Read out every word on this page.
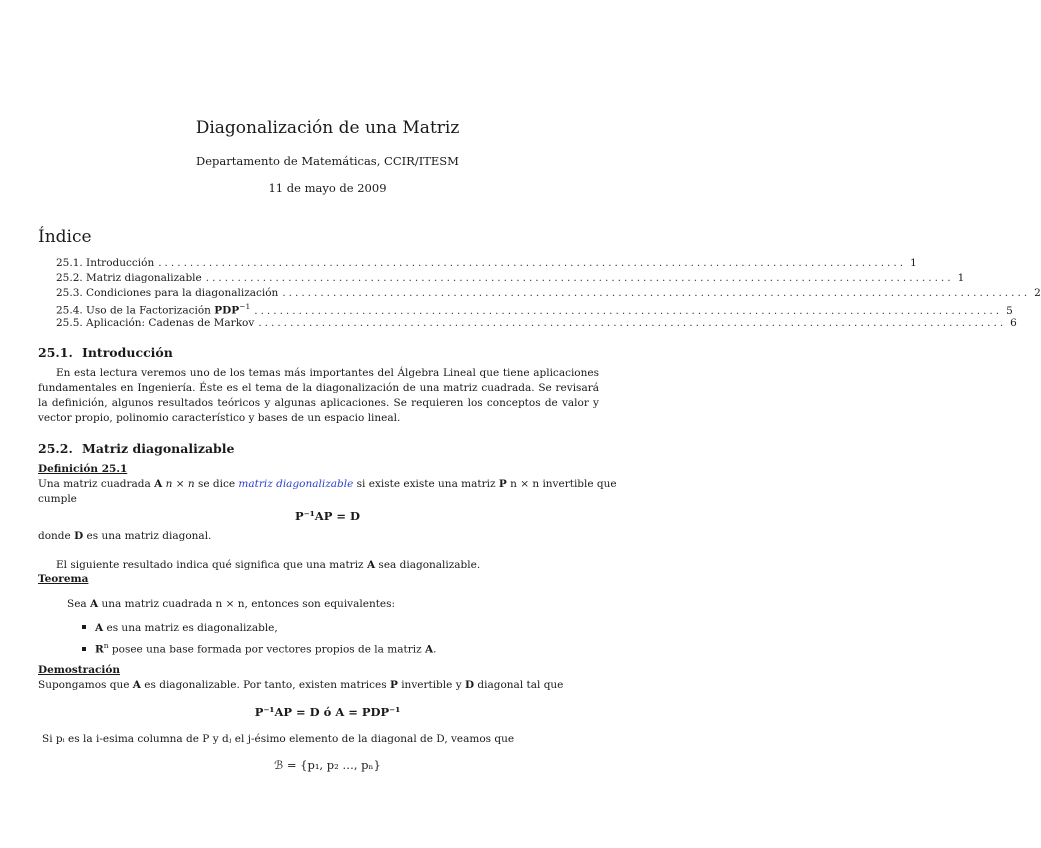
Diagonalización de una Matriz
Departamento de Matemáticas, CCIR/ITESM
11 de mayo de 2009
Índice
25.1. Introducción ...................................................................................................................... 1
25.2. Matriz diagonalizable ...................................................................................................................... 1
25.3. Condiciones para la diagonalización ...................................................................................................................... 2
25.4. Uso de la Factorización $PDP^{-1}$ ...................................................................................................................... 5
25.5. Aplicación: Cadenas de Markov ...................................................................................................................... 6
25.1. Introducción
En esta lectura veremos uno de los temas más importantes del Álgebra Lineal que tiene aplicaciones fundamentales en Ingeniería. Éste es el tema de la diagonalización de una matriz cuadrada. Se revisará la definición, algunos resultados teóricos y algunas aplicaciones. Se requieren los conceptos de valor y vector propio, polinomio característico y bases de un espacio lineal.
25.2. Matriz diagonalizable
Definición 25.1
Una matriz cuadrada A n × n se dice matriz diagonalizable si existe existe una matriz P n × n invertible que
cumple
P⁻¹AP = D
donde D es una matriz diagonal.
El siguiente resultado indica qué significa que una matriz A sea diagonalizable.
Teorema
Sea A una matriz cuadrada n × n, entonces son equivalentes:
A es una matriz es diagonalizable,
$R^n$ posee una base formada por vectores propios de la matriz A.
Demostración
Supongamos que A es diagonalizable. Por tanto, existen matrices P invertible y D diagonal tal que
P⁻¹AP = D ó A = PDP⁻¹
Si pᵢ es la i-esima columna de P y dⱼ el j-ésimo elemento de la diagonal de D, veamos que
ℬ = {p₁, p₂ …, pₙ}
